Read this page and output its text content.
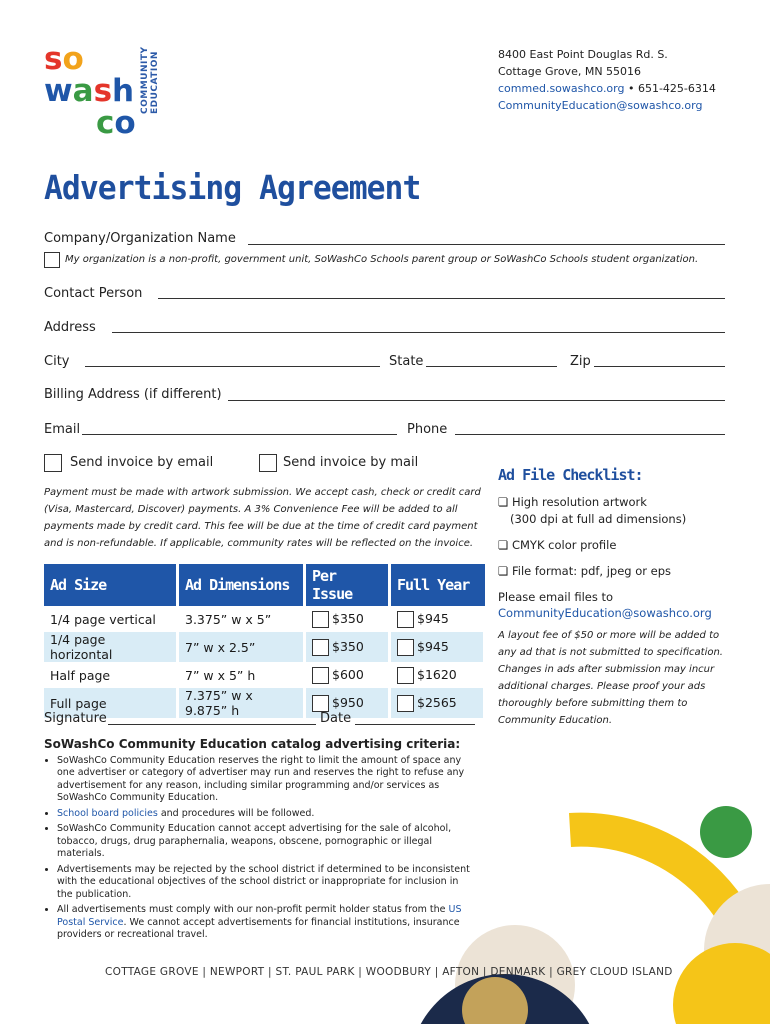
so
wash
co
COMMUNITY EDUCATION	8400 East Point Douglas Rd. S.
Cottage Grove, MN 55016
commed.sowashco.org • 651-425-6314
CommunityEducation@sowashco.org
Advertising Agreement
Company/Organization Name
My organization is a non-profit, government unit, SoWashCo Schools parent group or SoWashCo Schools student organization.
Contact Person
Address
City	State	Zip
Billing Address (if different)
Email	Phone
Send invoice by email	Send invoice by mail
Payment must be made with artwork submission. We accept cash, check or credit card (Visa, Mastercard, Discover) payments. A 3% Convenience Fee will be added to all payments made by credit card. This fee will be due at the time of credit card payment and is non-refundable. If applicable, community rates will be reflected on the invoice.
Ad Size	Ad Dimensions	Per Issue	Full Year
1/4 page vertical	3.375” w x 5”	$350	$945
1/4 page horizontal	7” w x 2.5”	$350	$945
Half page	7” w x 5” h	$600	$1620
Full page	7.375” w x 9.875” h	$950	$2565
Signature	Date
Ad File Checklist:
❏ High resolution artwork
(300 dpi at full ad dimensions)
❏ CMYK color profile
❏ File format: pdf, jpeg or eps
Please email files to
CommunityEducation@sowashco.org
A layout fee of $50 or more will be added to any ad that is not submitted to specification. Changes in ads after submission may incur additional charges. Please proof your ads thoroughly before submitting them to Community Education.
SoWashCo Community Education catalog advertising criteria:
• SoWashCo Community Education reserves the right to limit the amount of space any one advertiser or category of advertiser may run and reserves the right to refuse any advertisement for any reason, including similar programming and/or services as SoWashCo Community Education.
• School board policies and procedures will be followed.
• SoWashCo Community Education cannot accept advertising for the sale of alcohol, tobacco, drugs, drug paraphernalia, weapons, obscene, pornographic or illegal materials.
• Advertisements may be rejected by the school district if determined to be inconsistent with the educational objectives of the school district or inappropriate for inclusion in the publication.
• All advertisements must comply with our non-profit permit holder status from the US Postal Service. We cannot accept advertisements for financial institutions, insurance providers or recreational travel.
COTTAGE GROVE | NEWPORT | ST. PAUL PARK | WOODBURY | AFTON | DENMARK | GREY CLOUD ISLAND
